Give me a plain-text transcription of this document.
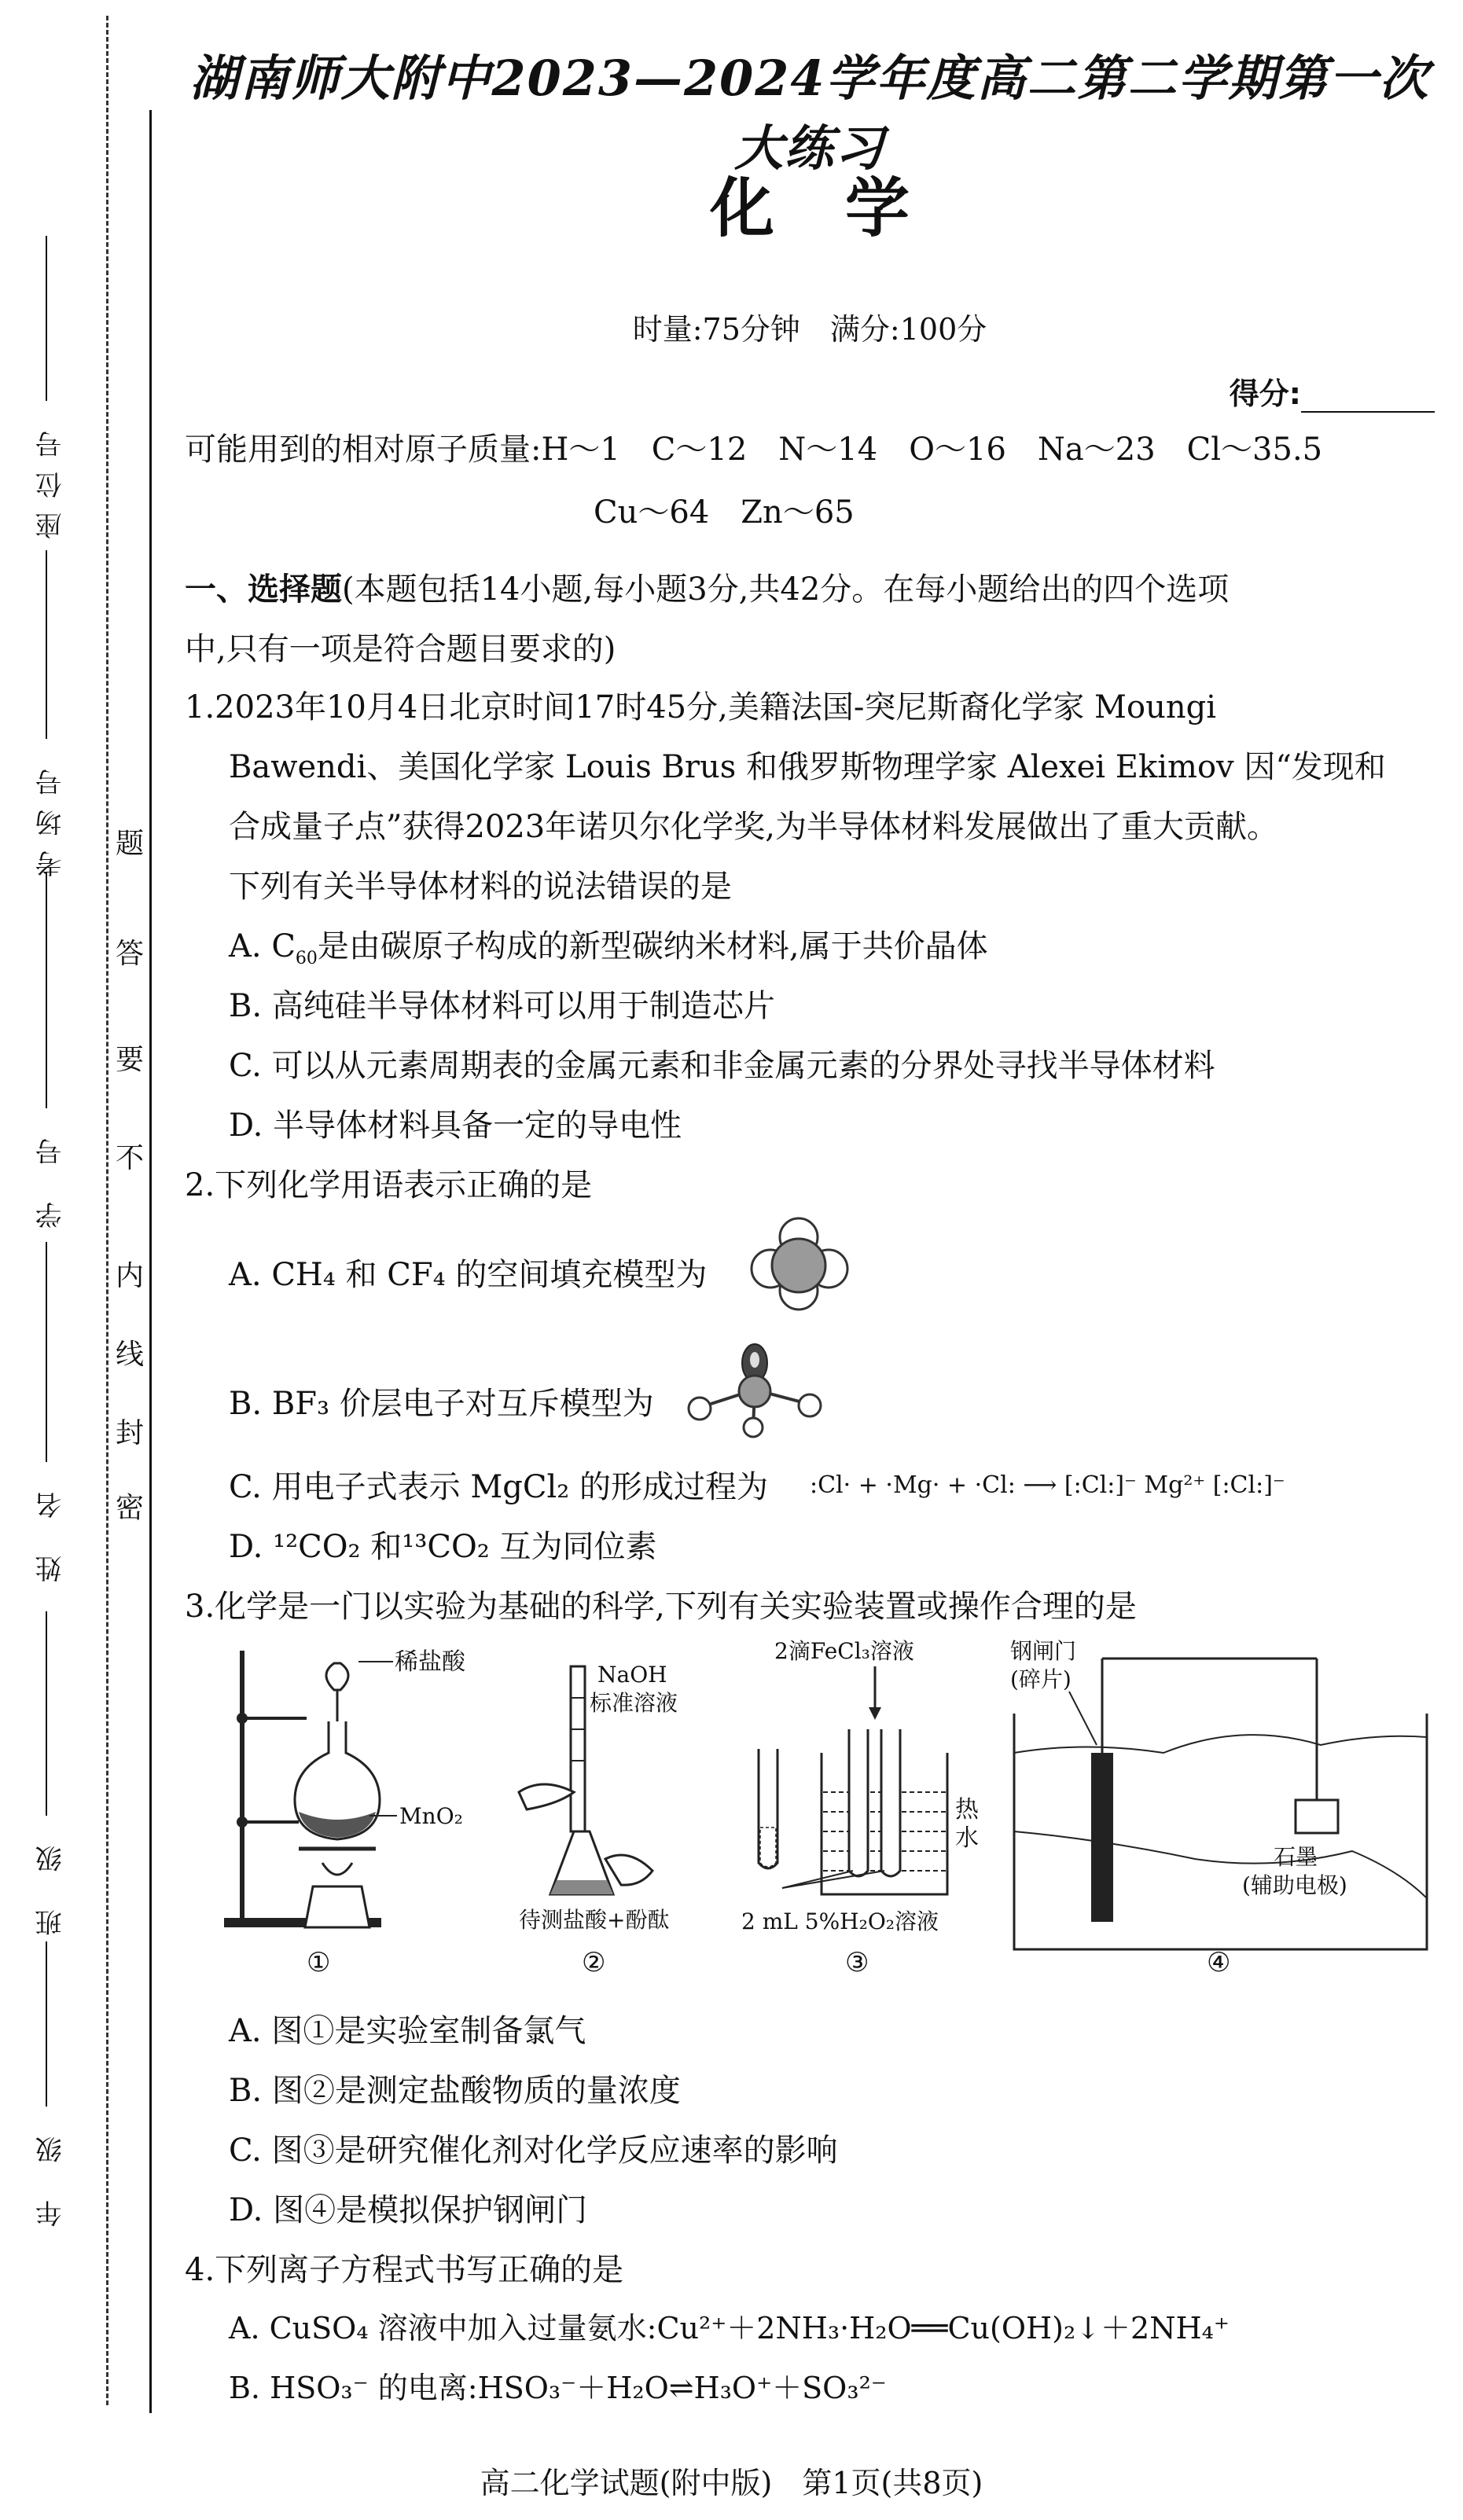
座位号
考场号
学 号
姓 名
班 级
年 级
密
封
线
内
不
要
答
题
湖南师大附中2023—2024学年度高二第二学期第一次大练习
化学
时量:75分钟　满分:100分
得分:
可能用到的相对原子质量:H～1　C～12　N～14　O～16　Na～23　Cl～35.5
Cu～64　Zn～65
一、选择题(本题包括14小题,每小题3分,共42分。在每小题给出的四个选项
中,只有一项是符合题目要求的)
1.2023年10月4日北京时间17时45分,美籍法国-突尼斯裔化学家 Moungi
Bawendi、美国化学家 Louis Brus 和俄罗斯物理学家 Alexei Ekimov 因“发现和
合成量子点”获得2023年诺贝尔化学奖,为半导体材料发展做出了重大贡献。
下列有关半导体材料的说法错误的是
A. $C_{60}$是由碳原子构成的新型碳纳米材料,属于共价晶体
B. 高纯硅半导体材料可以用于制造芯片
C. 可以从元素周期表的金属元素和非金属元素的分界处寻找半导体材料
D. 半导体材料具备一定的导电性
2.下列化学用语表示正确的是
A. CH₄ 和 CF₄ 的空间填充模型为
B. BF₃ 价层电子对互斥模型为
C. 用电子式表示 MgCl₂ 的形成过程为 :Cl· + ·Mg· + ·Cl: ⟶ [:Cl:]⁻ Mg²⁺ [:Cl:]⁻
D. ¹²CO₂ 和¹³CO₂ 互为同位素
3.化学是一门以实验为基础的科学,下列有关实验装置或操作合理的是
稀盐酸
MnO₂
①
NaOH
标准溶液
待测盐酸+酚酞
②
2滴FeCl₃溶液
热
水
2 mL 5%H₂O₂溶液
③
钢闸门
(碎片)
石墨
(辅助电极)
④
A. 图①是实验室制备氯气
B. 图②是测定盐酸物质的量浓度
C. 图③是研究催化剂对化学反应速率的影响
D. 图④是模拟保护钢闸门
4.下列离子方程式书写正确的是
A. CuSO₄ 溶液中加入过量氨水:Cu²⁺＋2NH₃·H₂O══Cu(OH)₂↓＋2NH₄⁺
B. HSO₃⁻ 的电离:HSO₃⁻＋H₂O⇌H₃O⁺＋SO₃²⁻
高二化学试题(附中版)　第1页(共8页)
